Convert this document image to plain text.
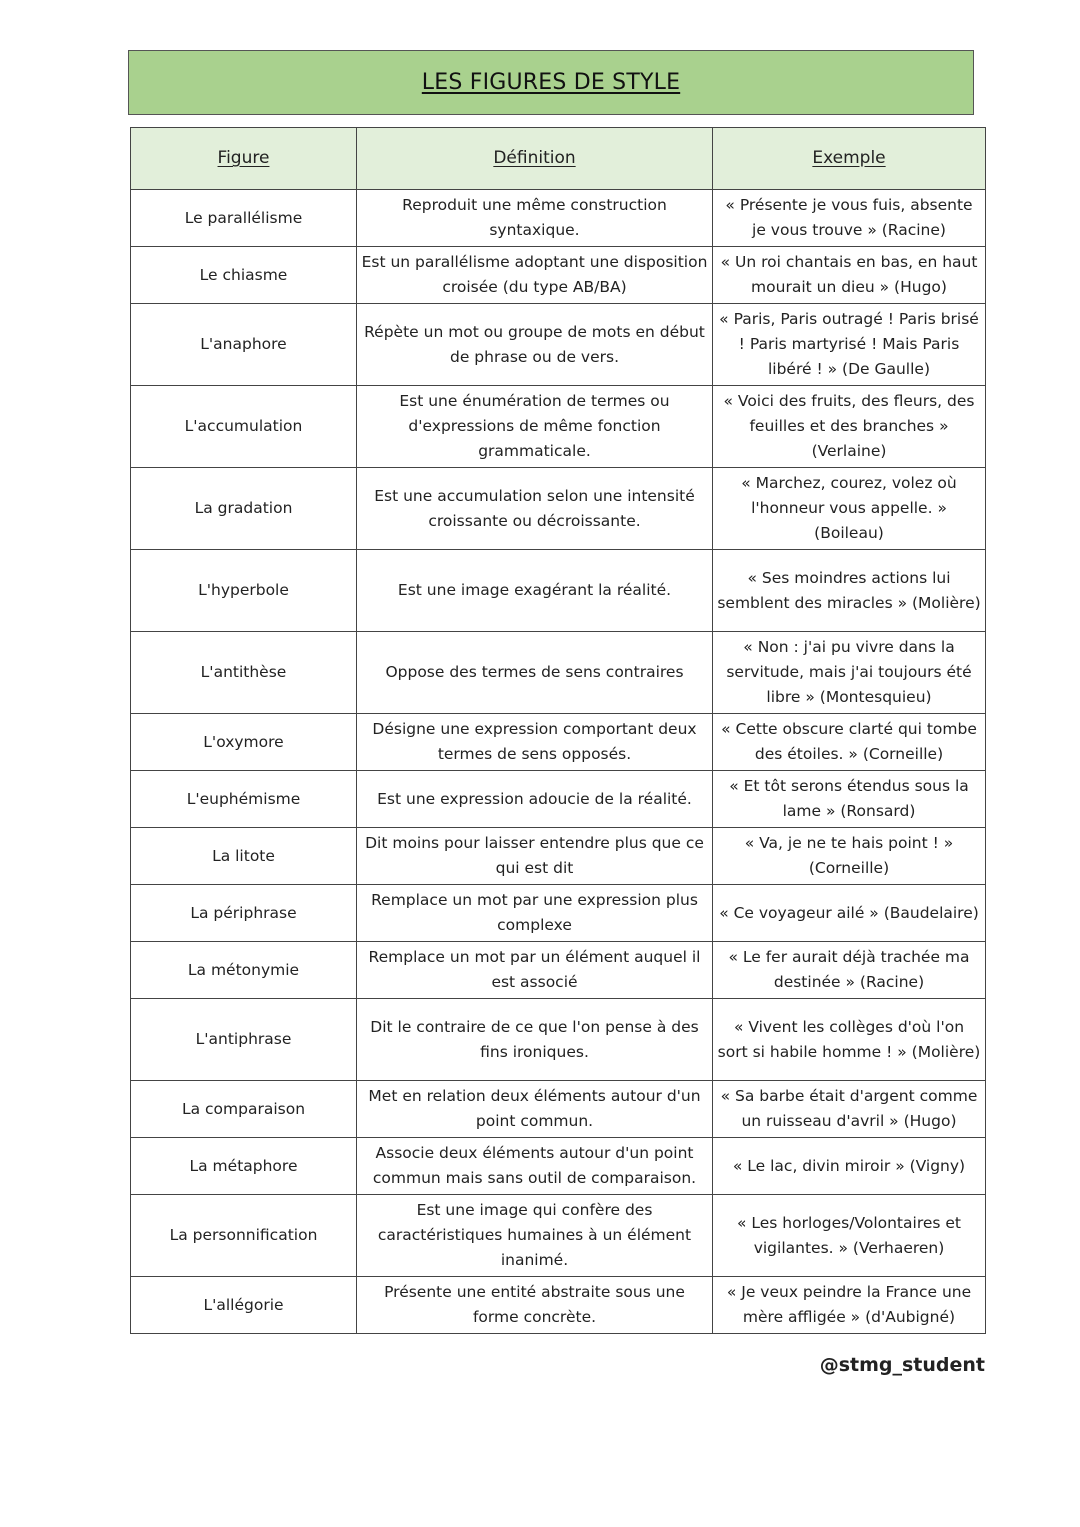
LES FIGURES DE STYLE
Figure	Définition	Exemple
Le parallélisme	Reproduit une même construction syntaxique.	« Présente je vous fuis, absente je vous trouve » (Racine)
Le chiasme	Est un parallélisme adoptant une disposition croisée (du type AB/BA)	« Un roi chantais en bas, en haut mourait un dieu » (Hugo)
L'anaphore	Répète un mot ou groupe de mots en début de phrase ou de vers.	« Paris, Paris outragé ! Paris brisé ! Paris martyrisé ! Mais Paris libéré ! » (De Gaulle)
L'accumulation	Est une énumération de termes ou d'expressions de même fonction grammaticale.	« Voici des fruits, des fleurs, des feuilles et des branches » (Verlaine)
La gradation	Est une accumulation selon une intensité croissante ou décroissante.	« Marchez, courez, volez où l'honneur vous appelle. » (Boileau)
L'hyperbole	Est une image exagérant la réalité.	« Ses moindres actions lui semblent des miracles » (Molière)
L'antithèse	Oppose des termes de sens contraires	« Non : j'ai pu vivre dans la servitude, mais j'ai toujours été libre » (Montesquieu)
L'oxymore	Désigne une expression comportant deux termes de sens opposés.	« Cette obscure clarté qui tombe des étoiles. » (Corneille)
L'euphémisme	Est une expression adoucie de la réalité.	« Et tôt serons étendus sous la lame » (Ronsard)
La litote	Dit moins pour laisser entendre plus que ce qui est dit	« Va, je ne te hais point ! » (Corneille)
La périphrase	Remplace un mot par une expression plus complexe	« Ce voyageur ailé » (Baudelaire)
La métonymie	Remplace un mot par un élément auquel il est associé	« Le fer aurait déjà trachée ma destinée » (Racine)
L'antiphrase	Dit le contraire de ce que l'on pense à des fins ironiques.	« Vivent les collèges d'où l'on sort si habile homme ! » (Molière)
La comparaison	Met en relation deux éléments autour d'un point commun.	« Sa barbe était d'argent comme un ruisseau d'avril » (Hugo)
La métaphore	Associe deux éléments autour d'un point commun mais sans outil de comparaison.	« Le lac, divin miroir » (Vigny)
La personnification	Est une image qui confère des caractéristiques humaines à un élément inanimé.	« Les horloges/Volontaires et vigilantes. » (Verhaeren)
L'allégorie	Présente une entité abstraite sous une forme concrète.	« Je veux peindre la France une mère affligée » (d'Aubigné)
@stmg_student
